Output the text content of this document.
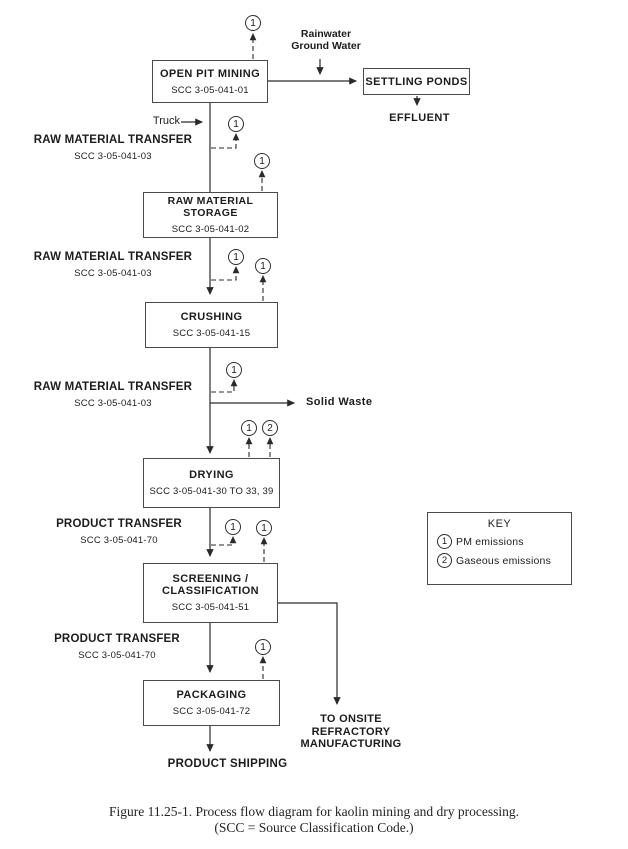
1
1
1
1
1
1
1	2
1	1
1
OPEN PIT MINING
SCC 3-05-041-01
SETTLING PONDS
RAW MATERIAL STORAGE
SCC 3-05-041-02
CRUSHING
SCC 3-05-041-15
DRYING
SCC 3-05-041-30 TO 33, 39
SCREENING /
CLASSIFICATION
SCC 3-05-041-51
PACKAGING
SCC 3-05-041-72
RAW MATERIAL TRANSFER
SCC 3-05-041-03
RAW MATERIAL TRANSFER
SCC 3-05-041-03
RAW MATERIAL TRANSFER
SCC 3-05-041-03
PRODUCT TRANSFER
SCC 3-05-041-70
PRODUCT TRANSFER
SCC 3-05-041-70
Truck
Rainwater
Ground Water
EFFLUENT
Solid Waste
PRODUCT SHIPPING
TO ONSITE
REFRACTORY
MANUFACTURING
KEY
1 PM emissions
2 Gaseous emissions
Figure 11.25-1. Process flow diagram for kaolin mining and dry processing.
(SCC = Source Classification Code.)
